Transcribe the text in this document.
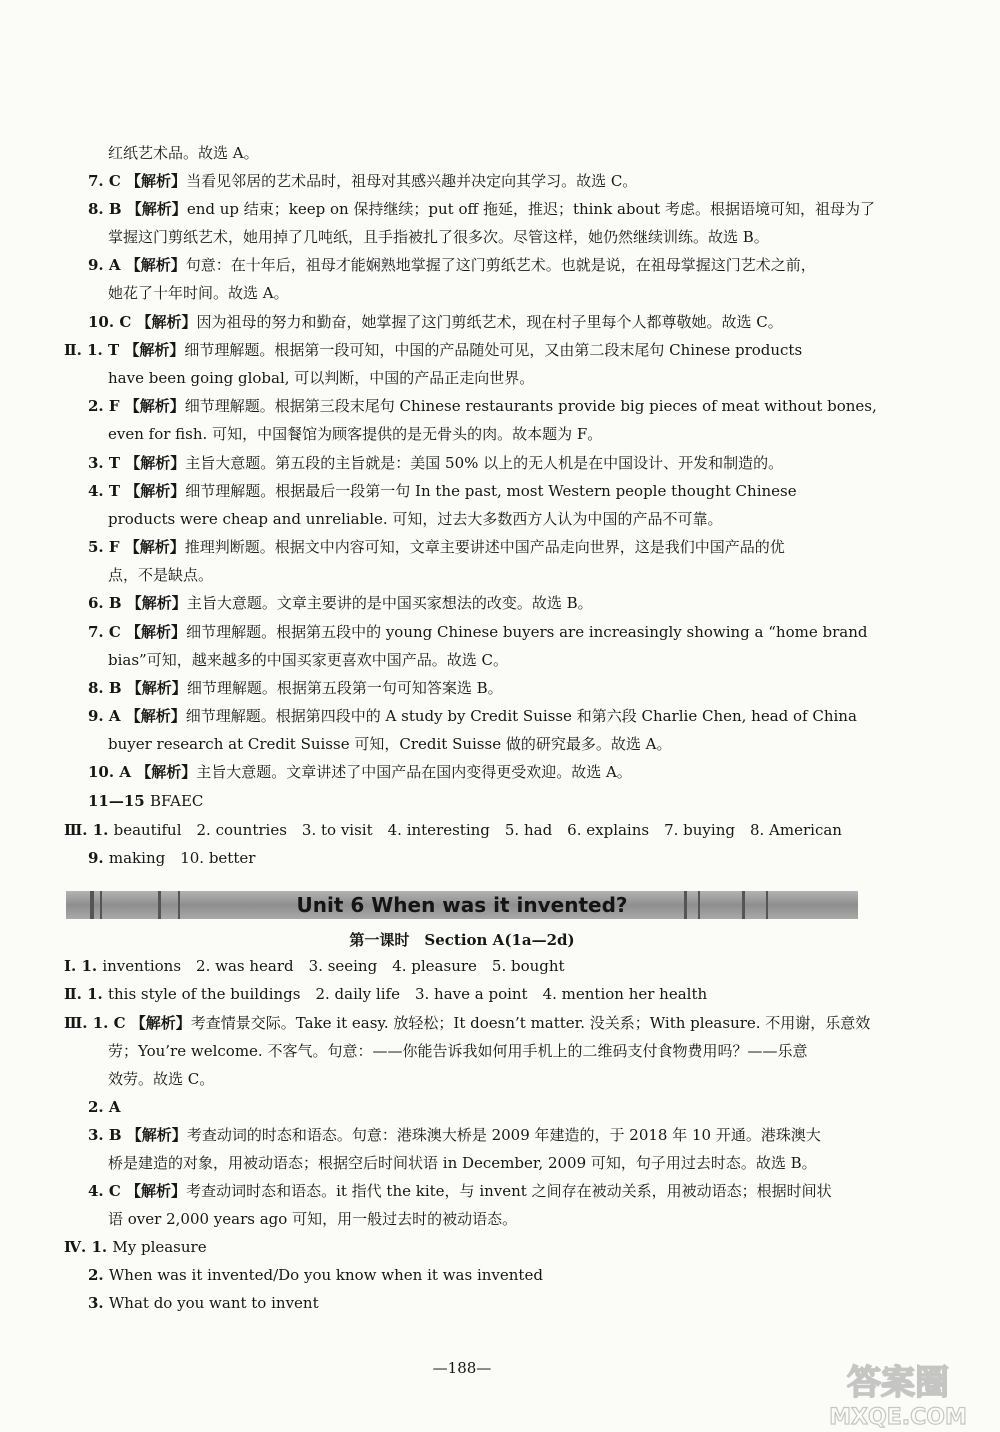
红纸艺术品。故选 A。
7. C 【解析】当看见邻居的艺术品时，祖母对其感兴趣并决定向其学习。故选 C。
8. B 【解析】end up 结束；keep on 保持继续；put off 拖延，推迟；think about 考虑。根据语境可知，祖母为了
掌握这门剪纸艺术，她用掉了几吨纸，且手指被扎了很多次。尽管这样，她仍然继续训练。故选 B。
9. A 【解析】句意：在十年后，祖母才能娴熟地掌握了这门剪纸艺术。也就是说，在祖母掌握这门艺术之前，
她花了十年时间。故选 A。
10. C 【解析】因为祖母的努力和勤奋，她掌握了这门剪纸艺术，现在村子里每个人都尊敬她。故选 C。
Ⅱ. 1. T 【解析】细节理解题。根据第一段可知，中国的产品随处可见，又由第二段末尾句 Chinese products
have been going global, 可以判断，中国的产品正走向世界。
2. F 【解析】细节理解题。根据第三段末尾句 Chinese restaurants provide big pieces of meat without bones,
even for fish. 可知，中国餐馆为顾客提供的是无骨头的肉。故本题为 F。
3. T 【解析】主旨大意题。第五段的主旨就是：美国 50% 以上的无人机是在中国设计、开发和制造的。
4. T 【解析】细节理解题。根据最后一段第一句 In the past, most Western people thought Chinese
products were cheap and unreliable. 可知，过去大多数西方人认为中国的产品不可靠。
5. F 【解析】推理判断题。根据文中内容可知，文章主要讲述中国产品走向世界，这是我们中国产品的优
点，不是缺点。
6. B 【解析】主旨大意题。文章主要讲的是中国买家想法的改变。故选 B。
7. C 【解析】细节理解题。根据第五段中的 young Chinese buyers are increasingly showing a “home brand
bias”可知，越来越多的中国买家更喜欢中国产品。故选 C。
8. B 【解析】细节理解题。根据第五段第一句可知答案选 B。
9. A 【解析】细节理解题。根据第四段中的 A study by Credit Suisse 和第六段 Charlie Chen, head of China
buyer research at Credit Suisse 可知，Credit Suisse 做的研究最多。故选 A。
10. A 【解析】主旨大意题。文章讲述了中国产品在国内变得更受欢迎。故选 A。
11—15 BFAEC
Ⅲ. 1. beautiful　2. countries　3. to visit　4. interesting　5. had　6. explains　7. buying　8. American
9. making　10. better
Unit 6 When was it invented?
第一课时　Section A(1a—2d)
Ⅰ. 1. inventions　2. was heard　3. seeing　4. pleasure　5. bought
Ⅱ. 1. this style of the buildings　2. daily life　3. have a point　4. mention her health
Ⅲ. 1. C 【解析】考查情景交际。Take it easy. 放轻松；It doesn’t matter. 没关系；With pleasure. 不用谢，乐意效
劳；You’re welcome. 不客气。句意：——你能告诉我如何用手机上的二维码支付食物费用吗？——乐意
效劳。故选 C。
2. A
3. B 【解析】考查动词的时态和语态。句意：港珠澳大桥是 2009 年建造的，于 2018 年 10 开通。港珠澳大
桥是建造的对象，用被动语态；根据空后时间状语 in December, 2009 可知，句子用过去时态。故选 B。
4. C 【解析】考查动词时态和语态。it 指代 the kite，与 invent 之间存在被动关系，用被动语态；根据时间状
语 over 2,000 years ago 可知，用一般过去时的被动语态。
Ⅳ. 1. My pleasure
2. When was it invented/Do you know when it was invented
3. What do you want to invent
—188—	答案圈
MXQE.COM
